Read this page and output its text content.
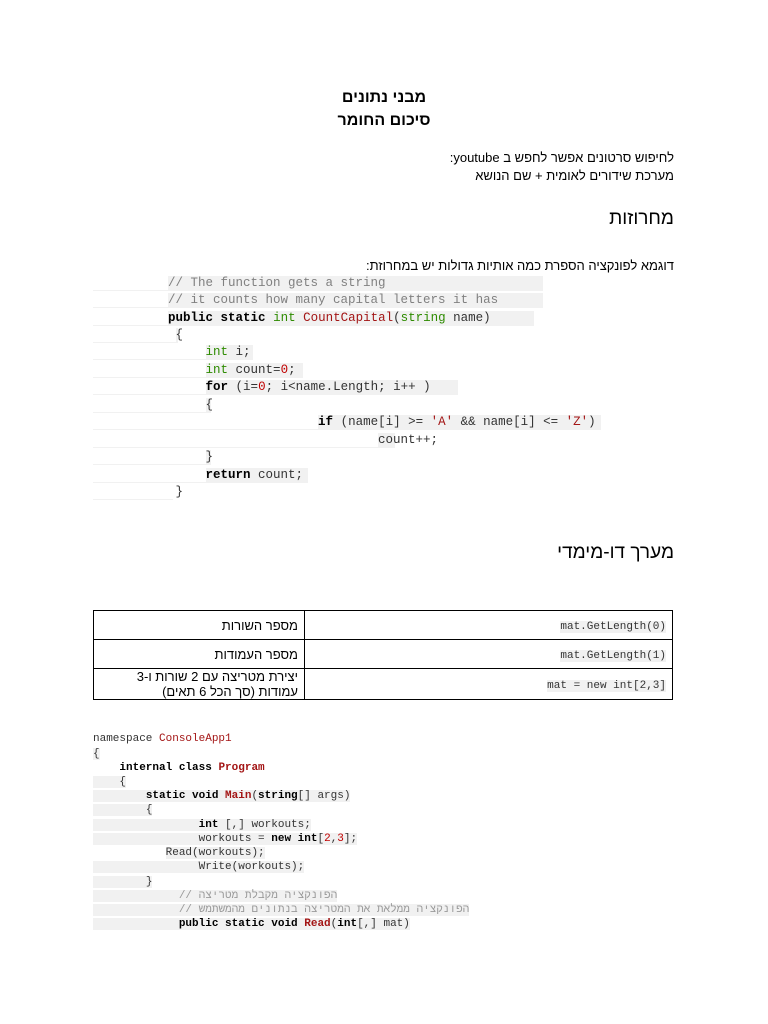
מבני נתונים
סיכום החומר
לחיפוש סרטונים אפשר לחפש ב youtube:
מערכת שידורים לאומית + שם הנושא
מחרוזות
דוגמא לפונקציה הספרת כמה אותיות גדולות יש במחרוזת:
// The function gets a string
// it counts how many capital letters it has
public static int CountCapital(string name)
{
int i;
int count=0;
for (i=0; i<name.Length; i++ )
{
if (name[i] >= 'A' && name[i] <= 'Z')
count++;
}
return count;
}
מערך דו-מימדי
מספר השורות	mat.GetLength(0)
מספר העמודות	mat.GetLength(1)
יצירת מטריצה עם 2 שורות ו-3 עמודות (סך הכל 6 תאים)	mat = new int[2,3]
namespace ConsoleApp1
{
internal class Program
{
static void Main(string[] args)
{
int [,] workouts;
workouts = new int[2,3];
Read(workouts);
Write(workouts);
}
// הפונקציה מקבלת מטריצה
// הפונקציה ממלאת את המטריצה בנתונים מהמשתמש
public static void Read(int[,] mat)
